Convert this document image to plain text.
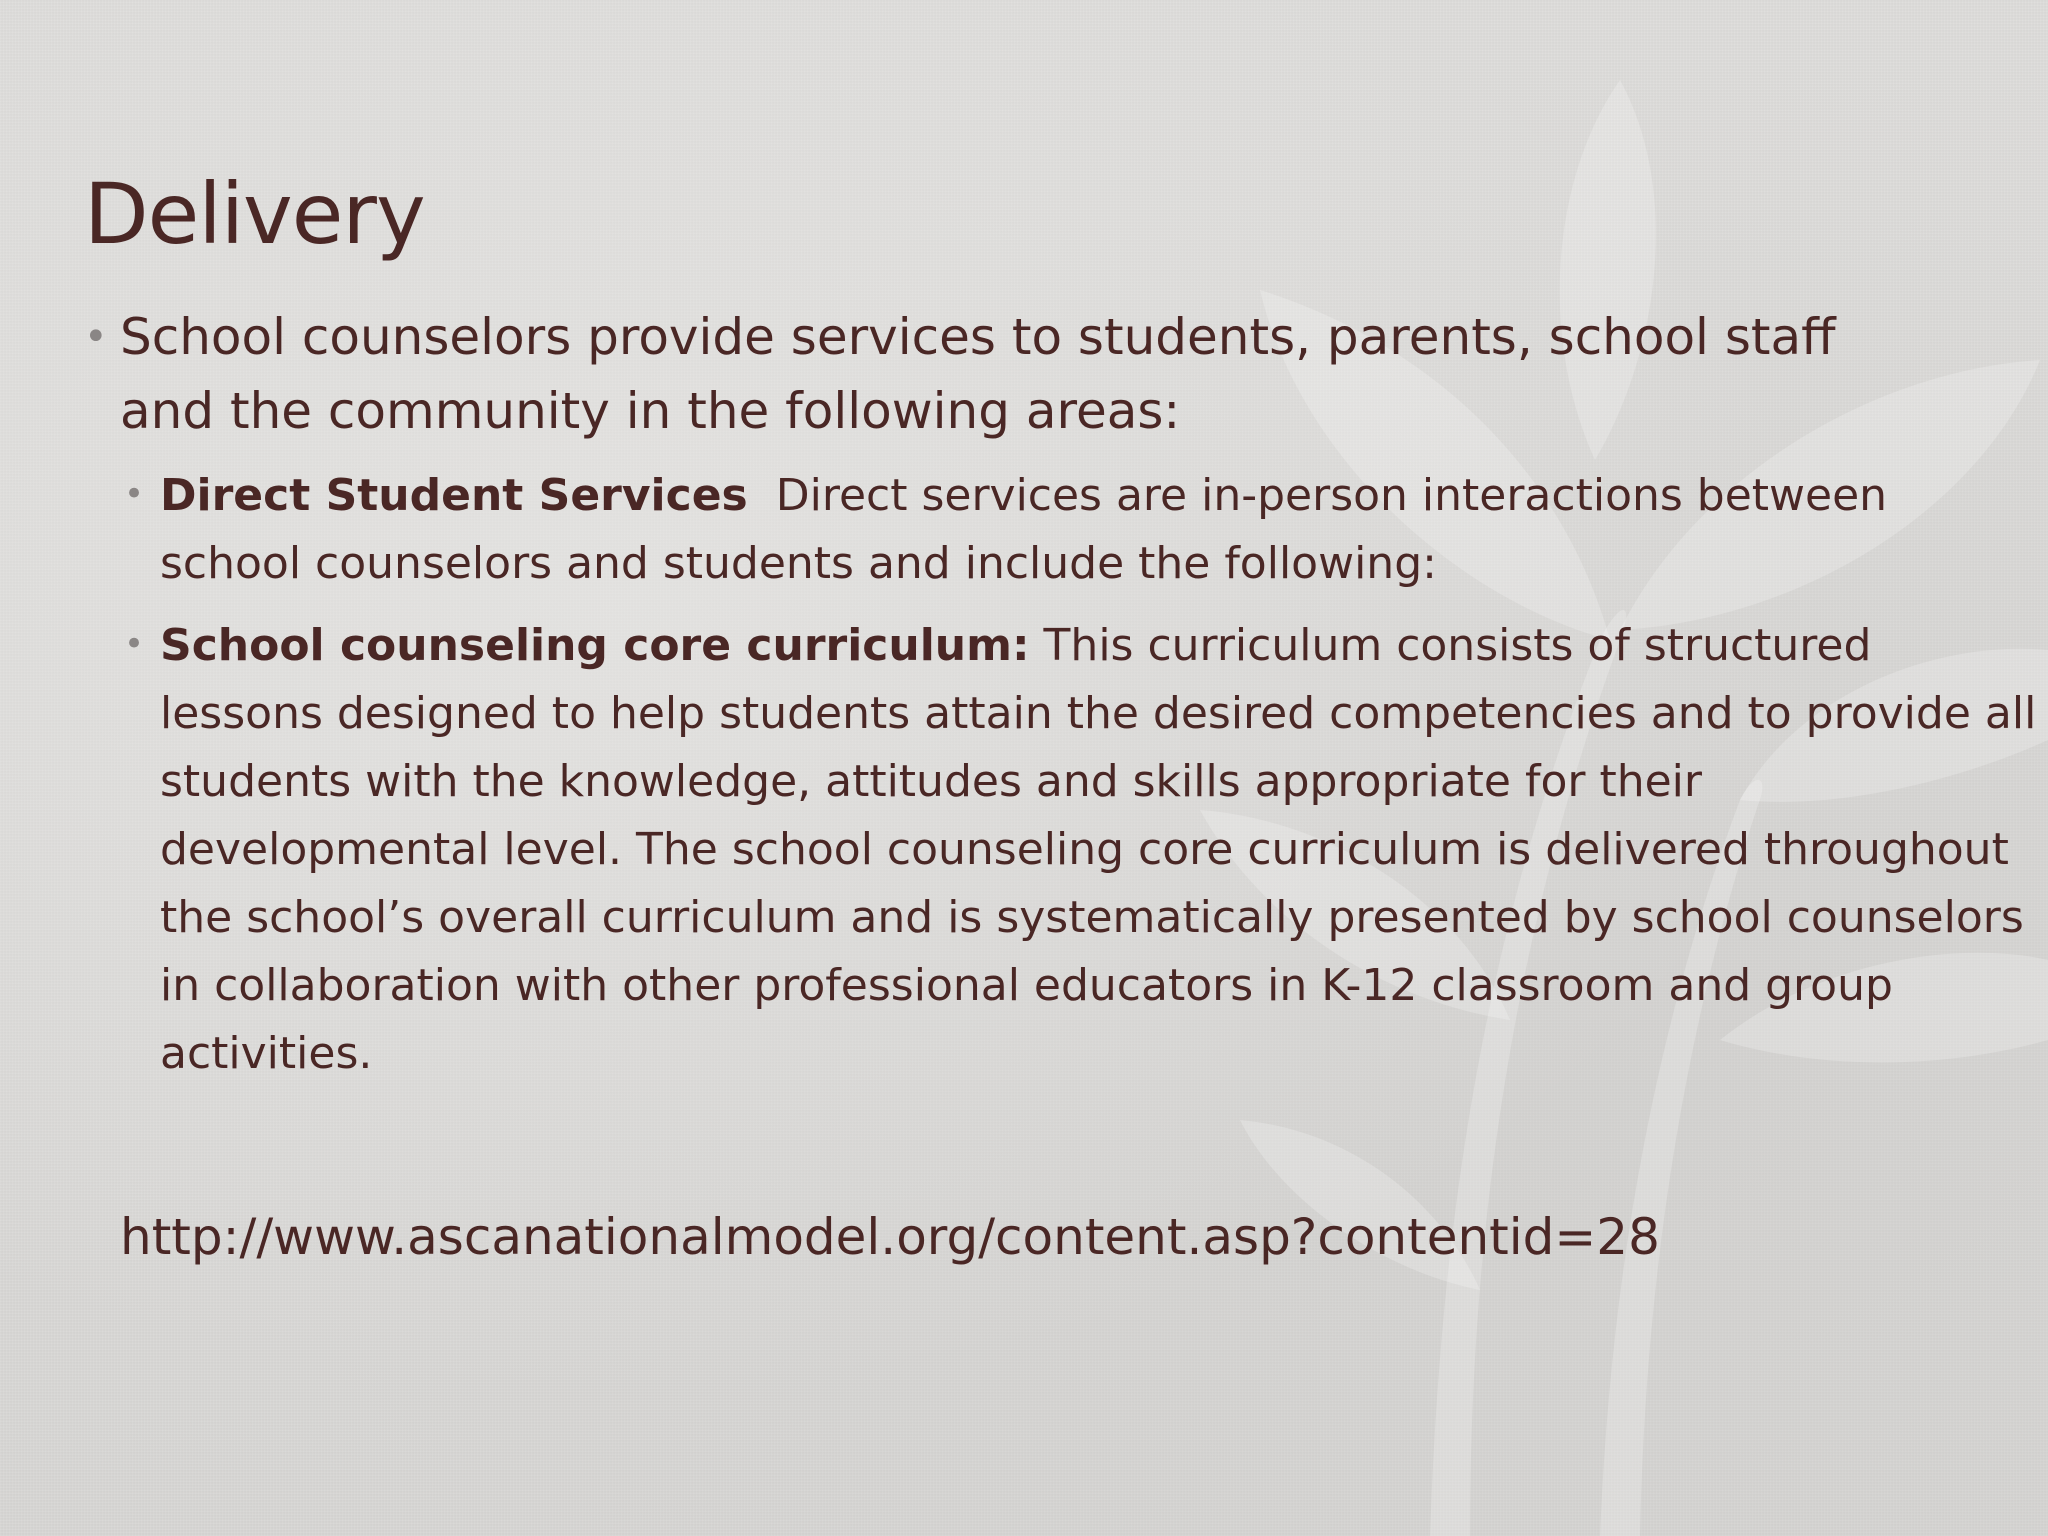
Delivery
• School counselors provide services to students, parents, school staff and the community in the following areas:
• Direct Student Services  Direct services are in-person interactions between school counselors and students and include the following:
• School counseling core curriculum: This curriculum consists of structured lessons designed to help students attain the desired competencies and to provide all students with the knowledge, attitudes and skills appropriate for their developmental level. The school counseling core curriculum is delivered throughout the school’s overall curriculum and is systematically presented by school counselors in collaboration with other professional educators in K-12 classroom and group activities.

http://www.ascanationalmodel.org/content.asp?contentid=28
